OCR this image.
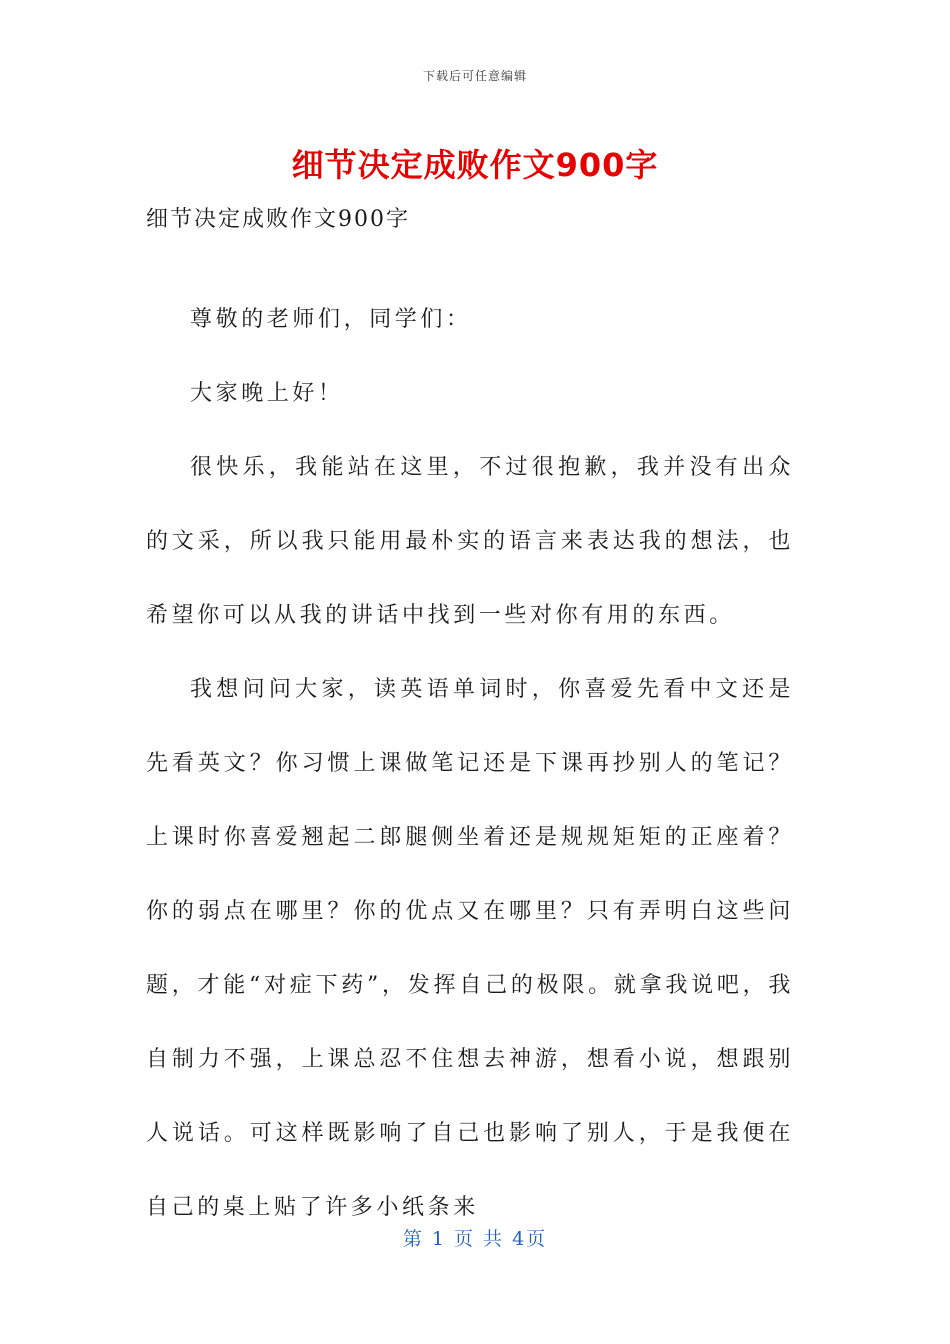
下载后可任意编辑
细节决定成败作文900字
细节决定成败作文900字

尊敬的老师们，同学们：

大家晚上好！

很快乐，我能站在这里，不过很抱歉，我并没有出众的文采，所以我只能用最朴实的语言来表达我的想法，也希望你可以从我的讲话中找到一些对你有用的东西。

我想问问大家，读英语单词时，你喜爱先看中文还是先看英文？你习惯上课做笔记还是下课再抄别人的笔记？上课时你喜爱翘起二郎腿侧坐着还是规规矩矩的正座着？你的弱点在哪里？你的优点又在哪里？只有弄明白这些问题，才能“对症下药”，发挥自己的极限。就拿我说吧，我自制力不强，上课总忍不住想去神游，想看小说，想跟别人说话。可这样既影响了自己也影响了别人，于是我便在自己的桌上贴了许多小纸条来

第 1 页 共 4页
